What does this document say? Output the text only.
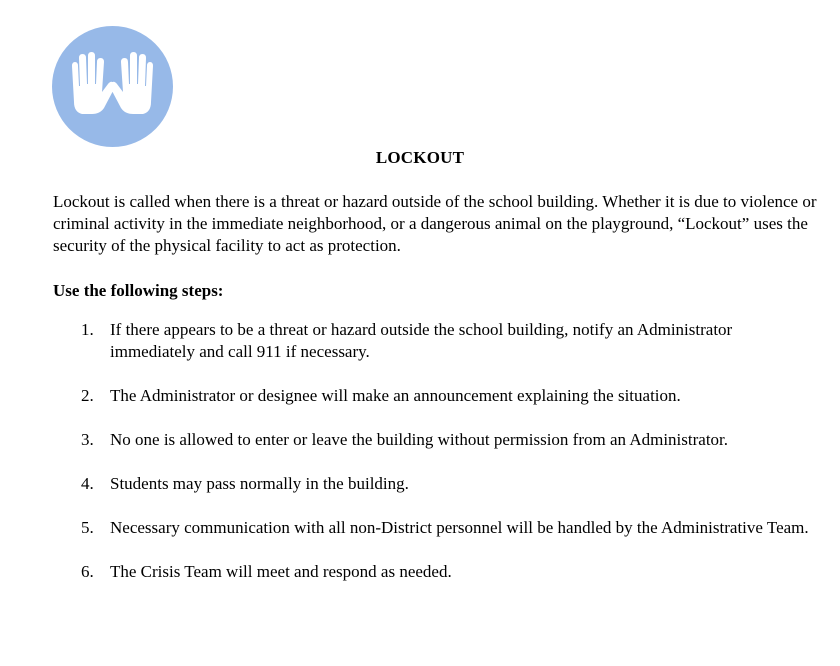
LOCKOUT

Lockout is called when there is a threat or hazard outside of the school building. Whether it is due to violence or criminal activity in the immediate neighborhood, or a dangerous animal on the playground, “Lockout” uses the security of the physical facility to act as protection.

Use the following steps:
1. If there appears to be a threat or hazard outside the school building, notify an Administrator immediately and call 911 if necessary.
2. The Administrator or designee will make an announcement explaining the situation.
3. No one is allowed to enter or leave the building without permission from an Administrator.
4. Students may pass normally in the building.
5. Necessary communication with all non-District personnel will be handled by the Administrative Team.
6. The Crisis Team will meet and respond as needed.
